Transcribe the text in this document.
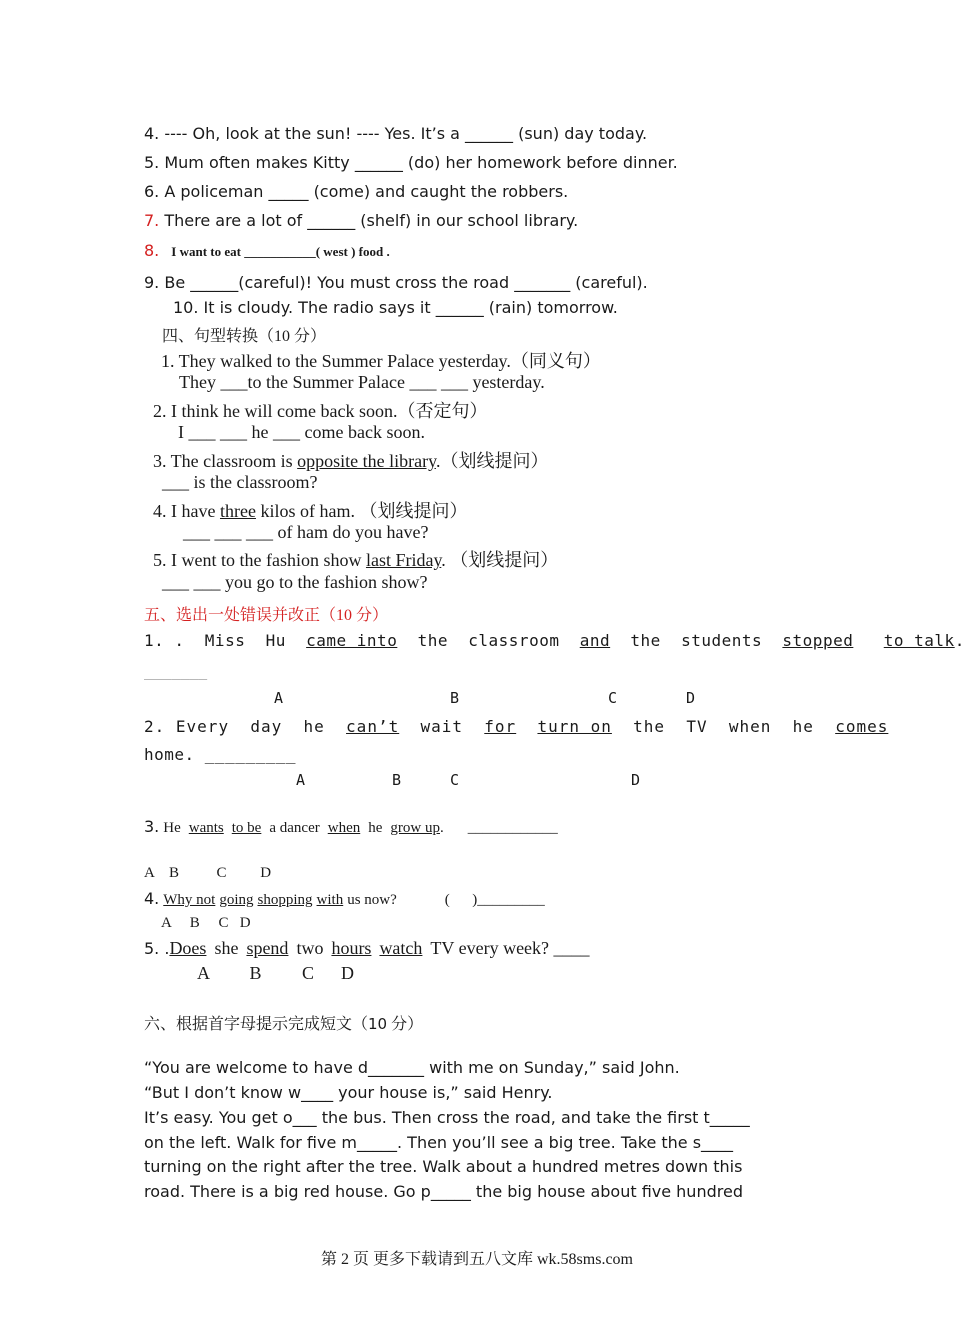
4. ---- Oh, look at the sun! ---- Yes. It’s a ______ (sun) day today.
5. Mum often makes Kitty ______ (do) her homework before dinner.
6. A policeman _____ (come) and caught the robbers.
7. There are a lot of ______ (shelf) in our school library.
8. I want to eat ___________( west ) food .
9. Be ______(careful)! You must cross the road _______ (careful).
10. It is cloudy. The radio says it ______ (rain) tomorrow.
四、句型转换（10 分）
1. They walked to the Summer Palace yesterday.（同义句）
They ___to the Summer Palace ___ ___ yesterday.
2. I think he will come back soon.（否定句）
I ___ ___ he ___ come back soon.
3. The classroom is opposite the library.（划线提问）
___ is the classroom?
4. I have three kilos of ham. （划线提问）
___ ___ ___ of ham do you have?
5. I went to the fashion show last Friday. （划线提问）
___ ___ you go to the fashion show?
五、选出一处错误并改正（10 分）
1. . Miss Hu came into the classroom and the students stopped to talk.
_______
A	B	C	D
2. Every day he can’t wait for turn on the TV when he comes
home. _________
A	B	C	D
3. He wants to be a dancer when he grow up. ____________
A    B          C         D
4. Why not going shopping with us now?	(      )_________
A     B     C   D
5. .Does she spend two hours watch TV every week? ____
A         B         C      D
六、根据首字母提示完成短文（10 分）
“You are welcome to have d_______ with me on Sunday,” said John.
“But I don’t know w____ your house is,” said Henry.
It’s easy. You get o___ the bus. Then cross the road, and take the first t_____
on the left. Walk for five m_____. Then you’ll see a big tree. Take the s____
turning on the right after the tree. Walk about a hundred metres down this
road. There is a big red house. Go p_____ the big house about five hundred
第 2 页 更多下载请到五八文库 wk.58sms.com
